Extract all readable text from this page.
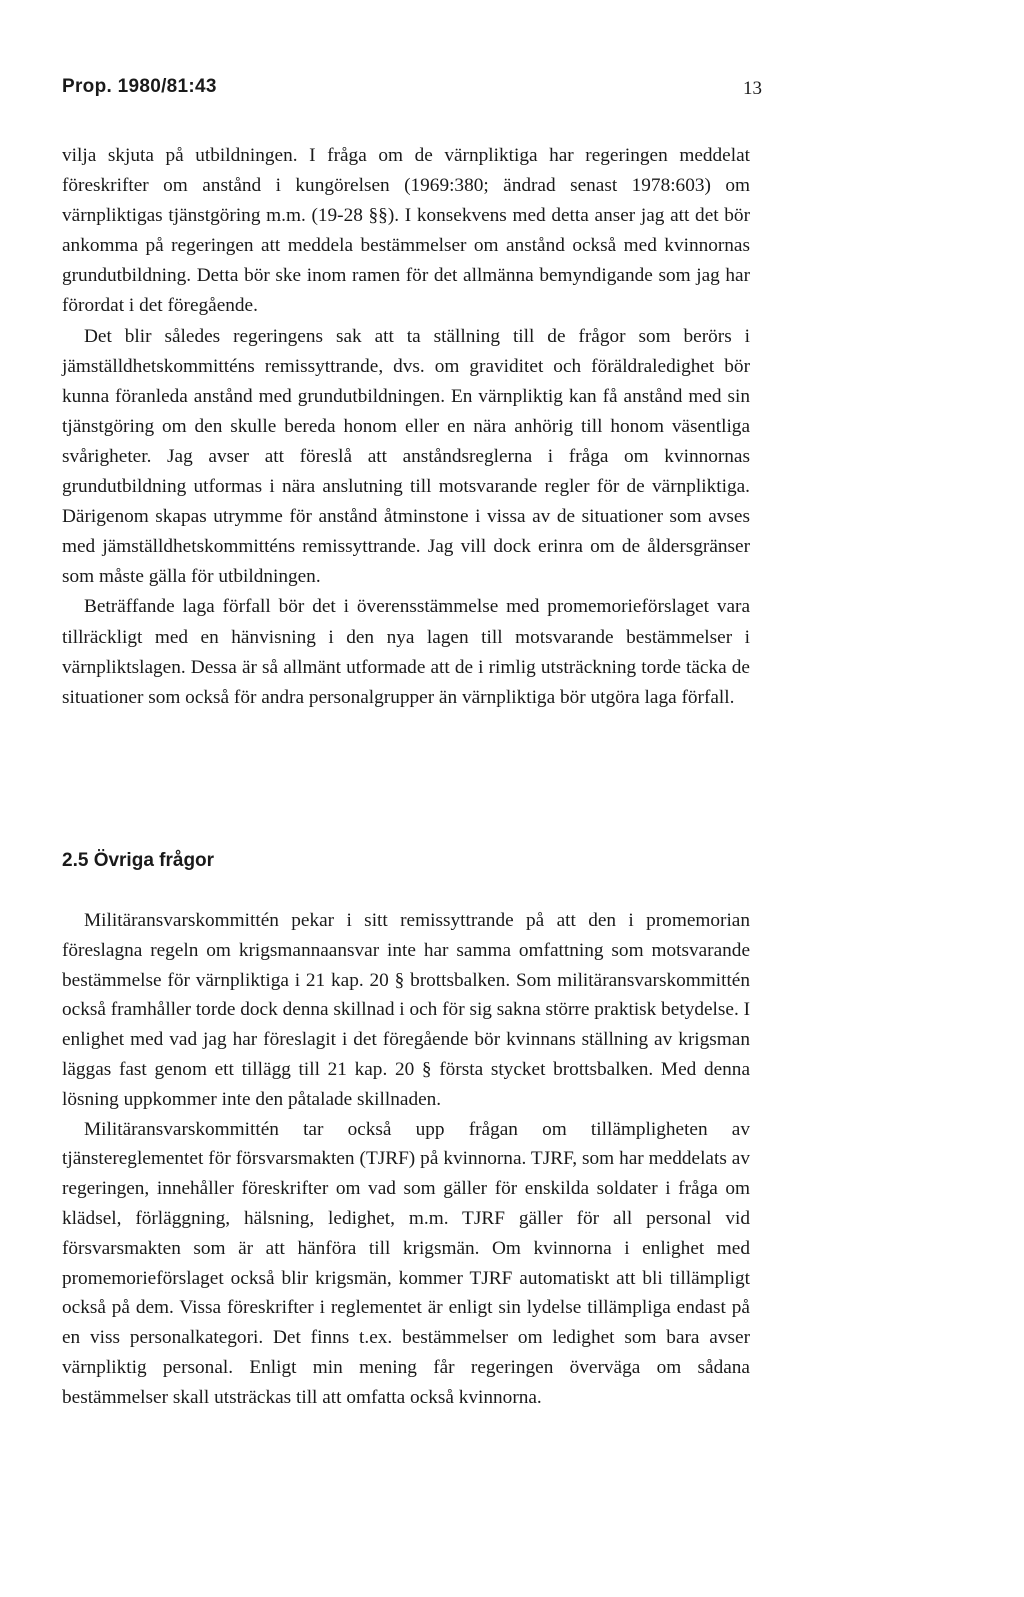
Prop. 1980/81:43	13

vilja skjuta på utbildningen. I fråga om de värnpliktiga har regeringen meddelat föreskrifter om anstånd i kungörelsen (1969:380; ändrad senast 1978:603) om värnpliktigas tjänstgöring m.m. (19-28 §§). I konsekvens med detta anser jag att det bör ankomma på regeringen att meddela bestämmelser om anstånd också med kvinnornas grundutbildning. Detta bör ske inom ramen för det allmänna bemyndigande som jag har förordat i det föregående.

Det blir således regeringens sak att ta ställning till de frågor som berörs i jämställdhetskommitténs remissyttrande, dvs. om graviditet och föräldraledighet bör kunna föranleda anstånd med grundutbildningen. En värnpliktig kan få anstånd med sin tjänstgöring om den skulle bereda honom eller en nära anhörig till honom väsentliga svårigheter. Jag avser att föreslå att anståndsreglerna i fråga om kvinnornas grundutbildning utformas i nära anslutning till motsvarande regler för de värnpliktiga. Därigenom skapas utrymme för anstånd åtminstone i vissa av de situationer som avses med jämställdhetskommitténs remissyttrande. Jag vill dock erinra om de åldersgränser som måste gälla för utbildningen.

Beträffande laga förfall bör det i överensstämmelse med promemorieförslaget vara tillräckligt med en hänvisning i den nya lagen till motsvarande bestämmelser i värnpliktslagen. Dessa är så allmänt utformade att de i rimlig utsträckning torde täcka de situationer som också för andra personalgrupper än värnpliktiga bör utgöra laga förfall.

2.5 Övriga frågor

Militäransvarskommittén pekar i sitt remissyttrande på att den i promemorian föreslagna regeln om krigsmannaansvar inte har samma omfattning som motsvarande bestämmelse för värnpliktiga i 21 kap. 20 § brottsbalken. Som militäransvarskommittén också framhåller torde dock denna skillnad i och för sig sakna större praktisk betydelse. I enlighet med vad jag har föreslagit i det föregående bör kvinnans ställning av krigsman läggas fast genom ett tillägg till 21 kap. 20 § första stycket brottsbalken. Med denna lösning uppkommer inte den påtalade skillnaden.

Militäransvarskommittén tar också upp frågan om tillämpligheten av tjänstereglementet för försvarsmakten (TJRF) på kvinnorna. TJRF, som har meddelats av regeringen, innehåller föreskrifter om vad som gäller för enskilda soldater i fråga om klädsel, förläggning, hälsning, ledighet, m.m. TJRF gäller för all personal vid försvarsmakten som är att hänföra till krigsmän. Om kvinnorna i enlighet med promemorieförslaget också blir krigsmän, kommer TJRF automatiskt att bli tillämpligt också på dem. Vissa föreskrifter i reglementet är enligt sin lydelse tillämpliga endast på en viss personalkategori. Det finns t.ex. bestämmelser om ledighet som bara avser värnpliktig personal. Enligt min mening får regeringen överväga om sådana bestämmelser skall utsträckas till att omfatta också kvinnorna.
